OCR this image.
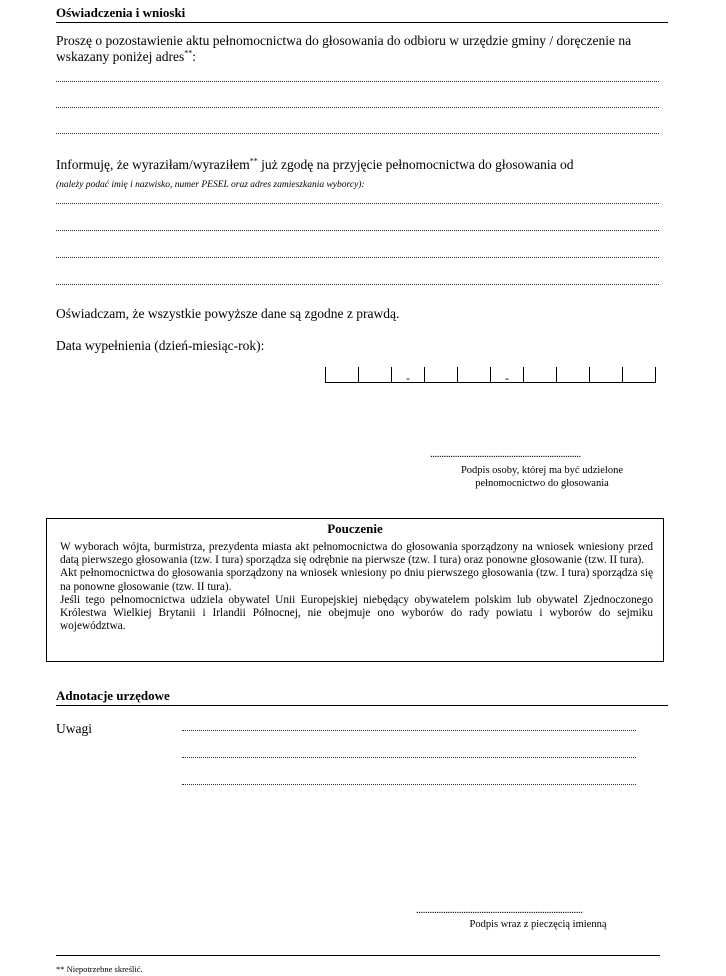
Oświadczenia i wnioski
Proszę o pozostawienie aktu pełnomocnictwa do głosowania do odbioru w urzędzie gminy / doręczenie na wskazany poniżej adres**:
Informuję, że wyraziłam/wyraziłem** już zgodę na przyjęcie pełnomocnictwa do głosowania od
(należy podać imię i nazwisko, numer PESEL oraz adres zamieszkania wyborcy):
Oświadczam, że wszystkie powyższe dane są zgodne z prawdą.
Data wypełnienia (dzień-miesiąc-rok):
-	-
...................................................................
Podpis osoby, której ma być udzielone pełnomocnictwo do głosowania
Pouczenie

W wyborach wójta, burmistrza, prezydenta miasta akt pełnomocnictwa do głosowania sporządzony na wniosek wniesiony przed datą pierwszego głosowania (tzw. I tura) sporządza się odrębnie na pierwsze (tzw. I tura) oraz ponowne głosowanie (tzw. II tura).

Akt pełnomocnictwa do głosowania sporządzony na wniosek wniesiony po dniu pierwszego głosowania (tzw. I tura) sporządza się na ponowne głosowanie (tzw. II tura).

Jeśli tego pełnomocnictwa udziela obywatel Unii Europejskiej niebędący obywatelem polskim lub obywatel Zjednoczonego Królestwa Wielkiej Brytanii i Irlandii Północnej, nie obejmuje ono wyborów do rady powiatu i wyborów do sejmiku województwa.

Adnotacje urzędowe
Uwagi
..........................................................................
Podpis wraz z pieczęcią imienną
** Niepotrzebne skreślić.
